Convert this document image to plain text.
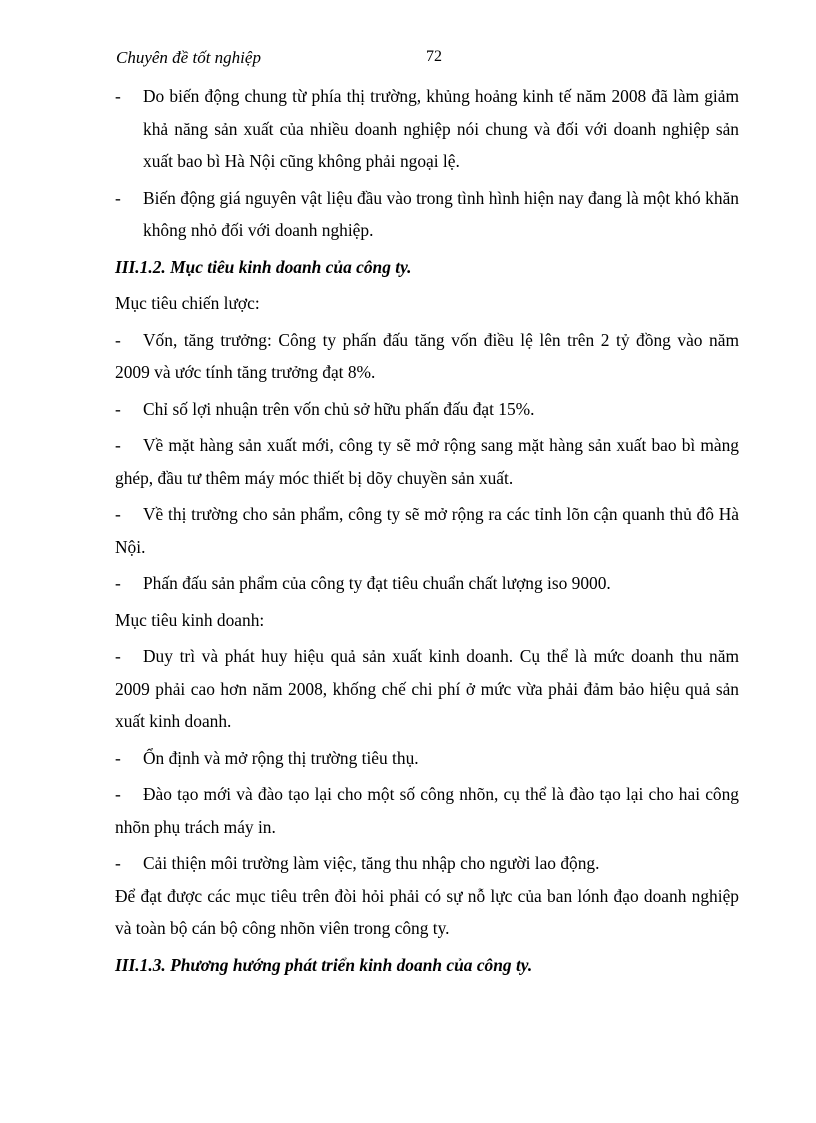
Chuyên đề tốt nghiệp	72
- Do biến động chung từ phía thị trường, khủng hoảng kinh tế năm 2008 đã làm giảm khả năng sản xuất của nhiều doanh nghiệp nói chung và đối với doanh nghiệp sản xuất bao bì Hà Nội cũng không phải ngoại lệ.
- Biến động giá nguyên vật liệu đầu vào trong tình hình hiện nay đang là một khó khăn không nhỏ đối với doanh nghiệp.
III.1.2. Mục tiêu kinh doanh của công ty.
Mục tiêu chiến lược:
- Vốn, tăng trưởng: Công ty phấn đấu tăng vốn điều lệ lên trên 2 tỷ đồng vào năm 2009 và ước tính tăng trưởng đạt 8%.
- Chỉ số lợi nhuận trên vốn chủ sở hữu phấn đấu đạt 15%.
- Về mặt hàng sản xuất mới, công ty sẽ mở rộng sang mặt hàng sản xuất bao bì màng ghép, đầu tư thêm máy móc thiết bị dõy chuyền sản xuất.
- Về thị trường cho sản phẩm, công ty sẽ mở rộng ra các tỉnh lõn cận quanh thủ đô Hà Nội.
- Phấn đấu sản phẩm của công ty đạt tiêu chuẩn chất lượng iso 9000.
Mục tiêu kinh doanh:
- Duy trì và phát huy hiệu quả sản xuất kinh doanh. Cụ thể là mức doanh thu năm 2009 phải cao hơn năm 2008, khống chế chi phí ở mức vừa phải đảm bảo hiệu quả sản xuất kinh doanh.
- Ổn định và mở rộng thị trường tiêu thụ.
- Đào tạo mới và đào tạo lại cho một số công nhõn, cụ thể là đào tạo lại cho hai công nhõn phụ trách máy in.
- Cải thiện môi trường làm việc, tăng thu nhập cho người lao động.
Để đạt được các mục tiêu trên đòi hỏi phải có sự nỗ lực của ban lónh đạo doanh nghiệp và toàn bộ cán bộ công nhõn viên trong công ty.
III.1.3. Phương hướng phát triển kinh doanh của công ty.
